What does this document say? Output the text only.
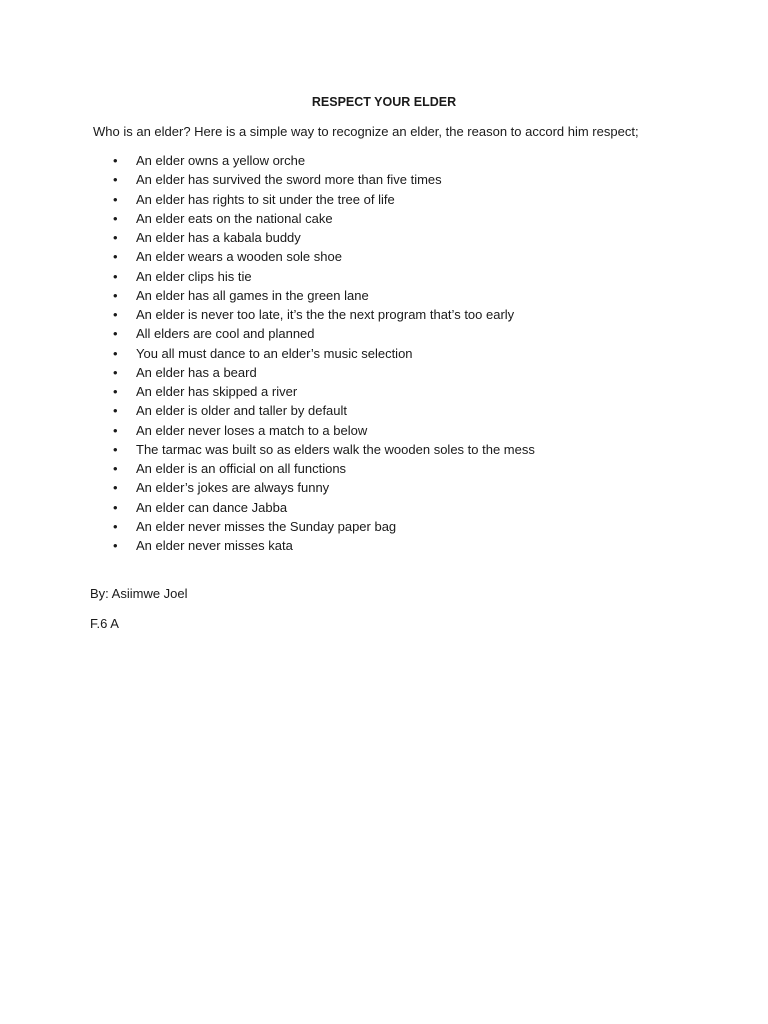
RESPECT YOUR ELDER
Who is an elder? Here is a simple way to recognize an elder, the reason to accord him respect;
• An elder owns a yellow orche
• An elder has survived the sword more than five times
• An elder has rights to sit under the tree of life
• An elder eats on the national cake
• An elder has a kabala buddy
• An elder wears a wooden sole shoe
• An elder clips his tie
• An elder has all games in the green lane
• An elder is never too late, it’s the the next program that’s too early
• All elders are cool and planned
• You all must dance to an elder’s music selection
• An elder has a beard
• An elder has skipped a river
• An elder is older and taller by default
• An elder never loses a match to a below
• The tarmac was built so as elders walk the wooden soles to the mess
• An elder is an official on all functions
• An elder’s jokes are always funny
• An elder can dance Jabba
• An elder never misses the Sunday paper bag
• An elder never misses kata
By: Asiimwe Joel
F.6 A
